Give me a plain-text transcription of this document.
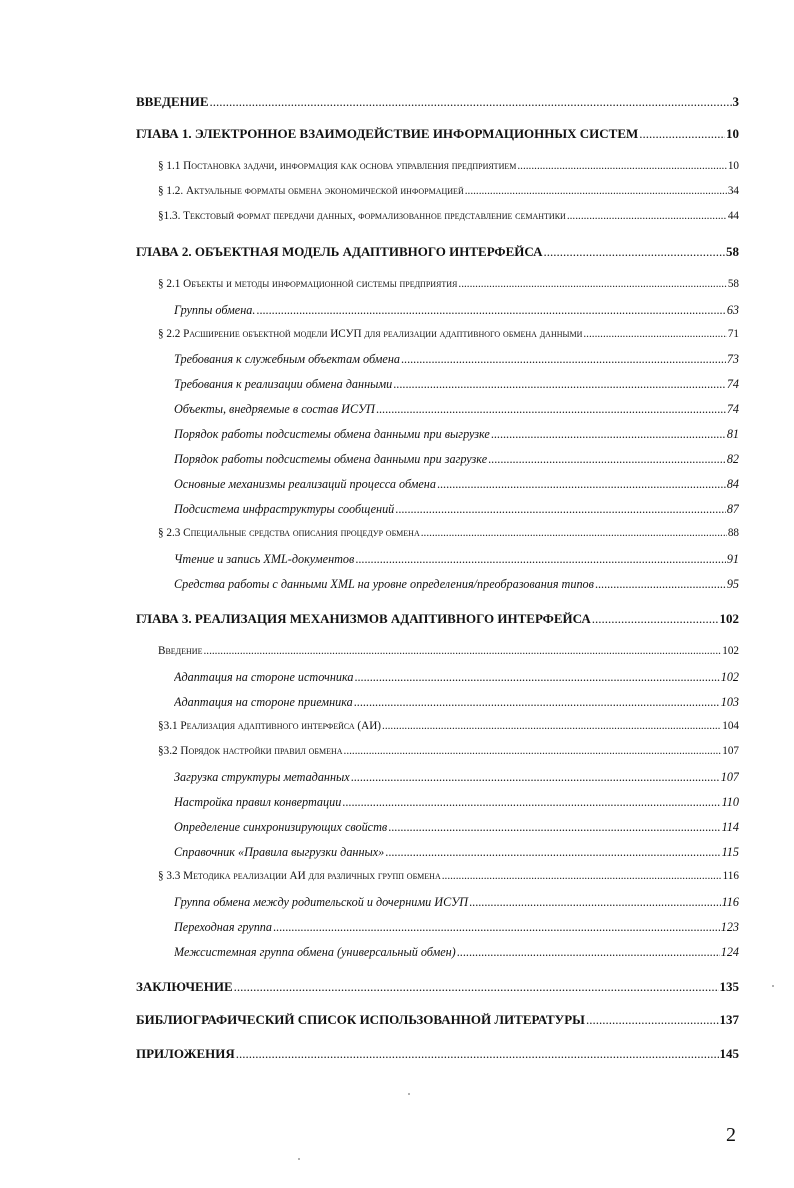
ВВЕДЕНИЕ .....	3
ГЛАВА 1. ЭЛЕКТРОННОЕ ВЗАИМОДЕЙСТВИЕ ИНФОРМАЦИОННЫХ СИСТЕМ .....	10
§ 1.1 Постановка задачи, информация как основа управления предприятием .....	10
§ 1.2. Актуальные форматы обмена экономической информацией .....	34
§1.3. Текстовый формат передачи данных, формализованное представление семантики .....	44
ГЛАВА 2. ОБЪЕКТНАЯ МОДЕЛЬ АДАПТИВНОГО ИНТЕРФЕЙСА .....	58
§ 2.1 Объекты и методы информационной системы предприятия .....	58
Группы обмена. .....	63
§ 2.2 Расширение объектной модели ИСУП для реализации адаптивного обмена данными .....	71
Требования к служебным объектам обмена .....	73
Требования к реализации обмена данными .....	74
Объекты, внедряемые в состав ИСУП .....	74
Порядок работы подсистемы обмена данными при выгрузке .....	81
Порядок работы подсистемы обмена данными при загрузке .....	82
Основные механизмы реализаций процесса обмена .....	84
Подсистема инфраструктуры сообщений .....	87
§ 2.3 Специальные средства описания процедур обмена .....	88
Чтение и запись XML-документов .....	91
Средства работы с данными XML на уровне определения/преобразования типов .....	95
ГЛАВА 3. РЕАЛИЗАЦИЯ МЕХАНИЗМОВ АДАПТИВНОГО ИНТЕРФЕЙСА .....	102
Введение .....	102
Адаптация на стороне источника .....	102
Адаптация на стороне приемника .....	103
§3.1 Реализация адаптивного интерфейса (АИ) .....	104
§3.2 Порядок настройки правил обмена .....	107
Загрузка структуры метаданных .....	107
Настройка правил конвертации .....	110
Определение синхронизирующих свойств .....	114
Справочник «Правила выгрузки данных» .....	115
§ 3.3 Методика реализации АИ для различных групп обмена .....	116
Группа обмена между родительской и дочерними ИСУП .....	116
Переходная группа .....	123
Межсистемная группа обмена (универсальный обмен) .....	124
ЗАКЛЮЧЕНИЕ .....	135
БИБЛИОГРАФИЧЕСКИЙ СПИСОК ИСПОЛЬЗОВАННОЙ ЛИТЕРАТУРЫ .....	137
ПРИЛОЖЕНИЯ .....	145
2
